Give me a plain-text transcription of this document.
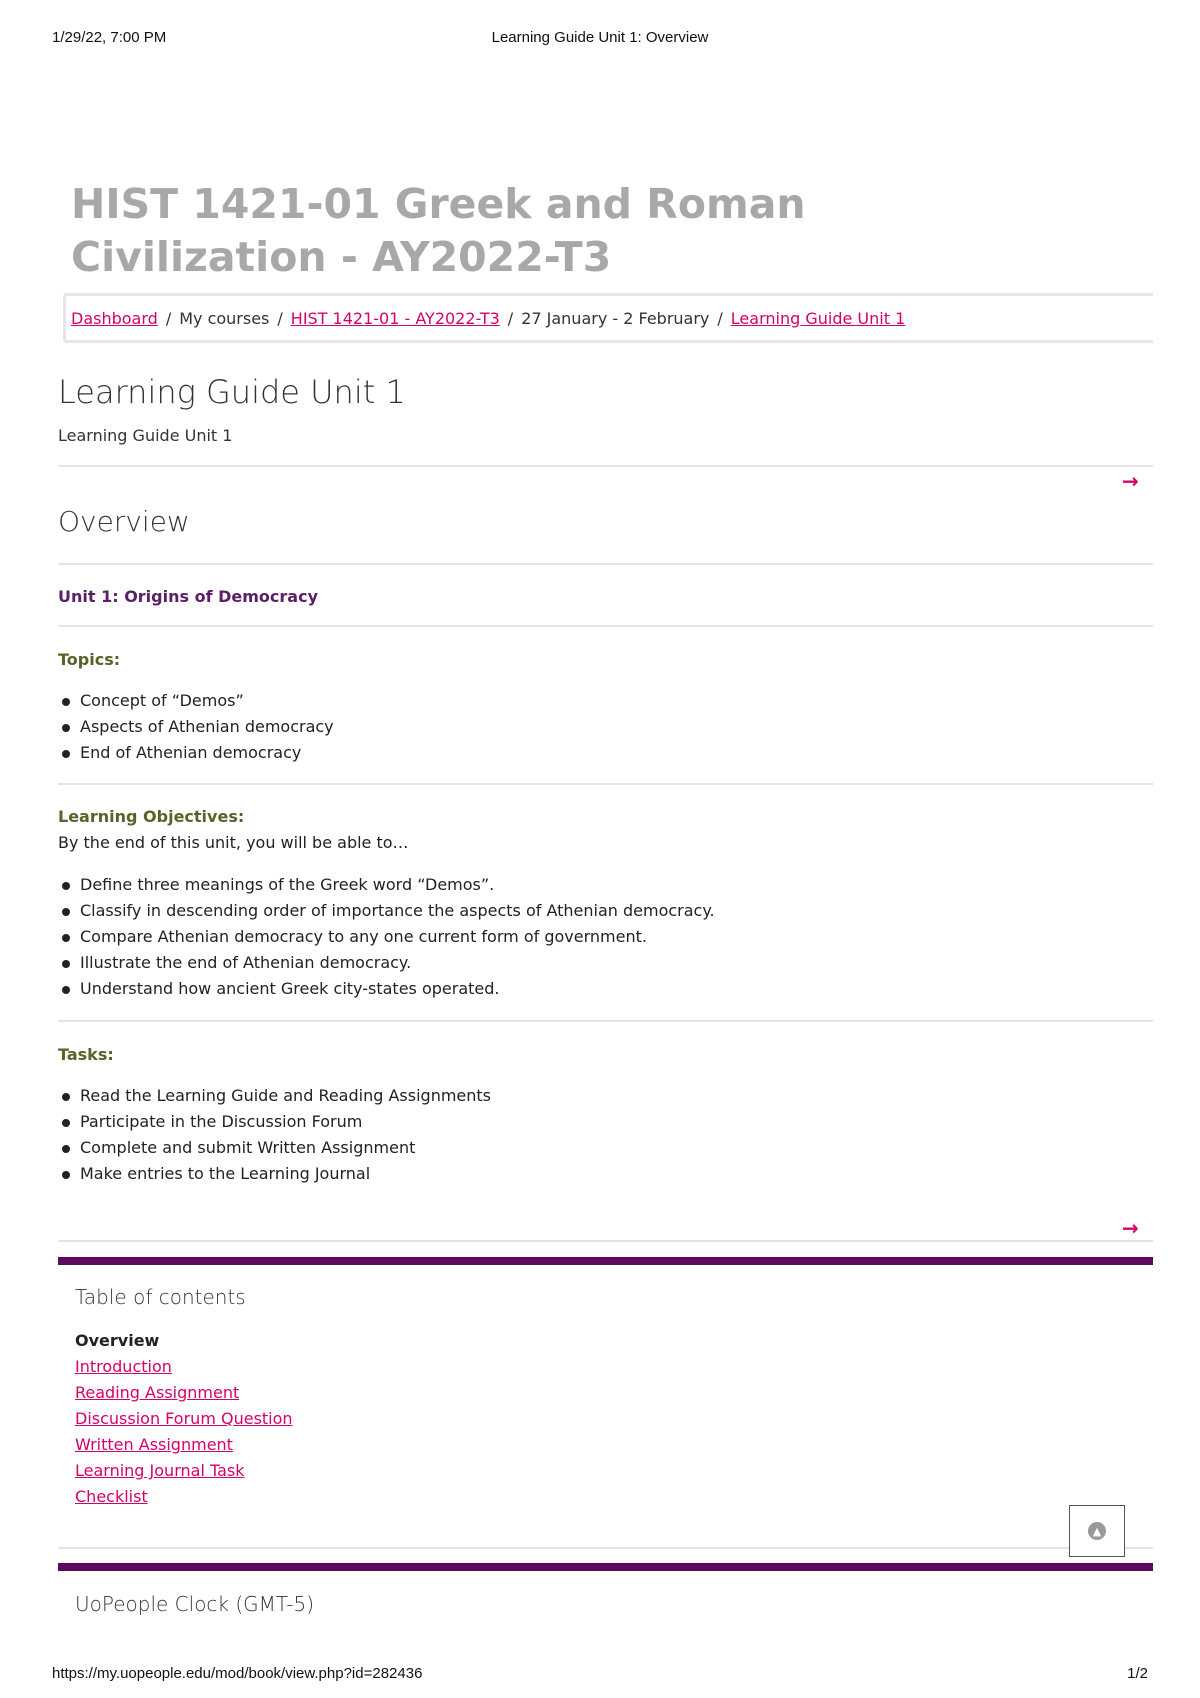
1/29/22, 7:00 PM	Learning Guide Unit 1: Overview
HIST 1421-01 Greek and Roman Civilization - AY2022-T3
Dashboard / My courses / HIST 1421-01 - AY2022-T3 / 27 January - 2 February / Learning Guide Unit 1
Learning Guide Unit 1
Learning Guide Unit 1
→
Overview
Unit 1: Origins of Democracy
Topics:
Concept of “Demos”
Aspects of Athenian democracy
End of Athenian democracy
Learning Objectives:
By the end of this unit, you will be able to…
Define three meanings of the Greek word “Demos”.
Classify in descending order of importance the aspects of Athenian democracy.
Compare Athenian democracy to any one current form of government.
Illustrate the end of Athenian democracy.
Understand how ancient Greek city-states operated.
Tasks:
Read the Learning Guide and Reading Assignments
Participate in the Discussion Forum
Complete and submit Written Assignment
Make entries to the Learning Journal
→
Table of contents
Overview
Introduction
Reading Assignment
Discussion Forum Question
Written Assignment
Learning Journal Task
Checklist
▲
UoPeople Clock (GMT-5)
https://my.uopeople.edu/mod/book/view.php?id=282436	1/2
